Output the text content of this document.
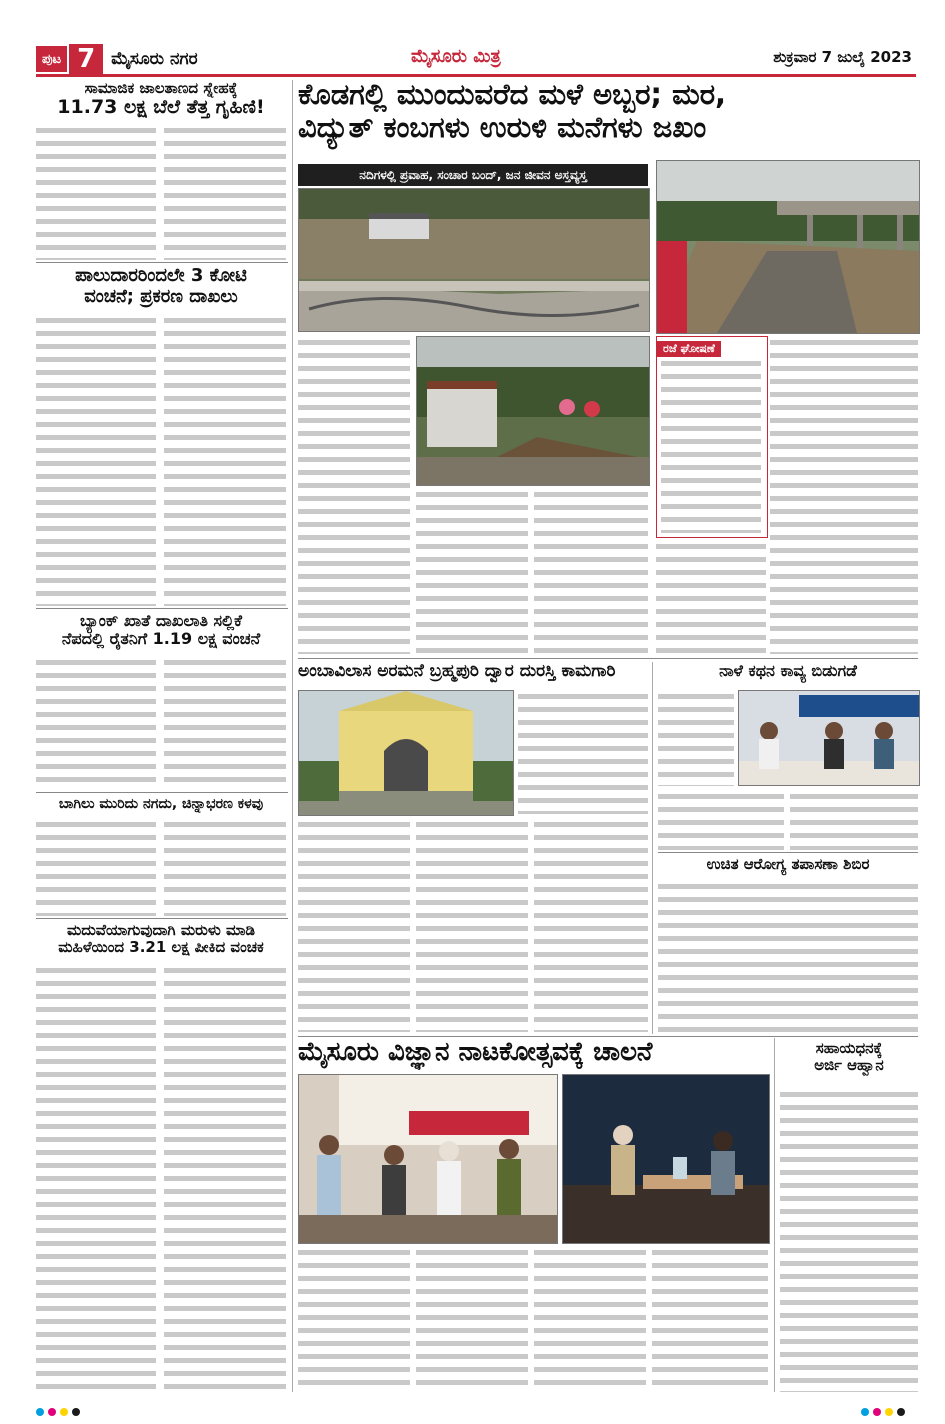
ಪುಟ 7 ಮೈಸೂರು ನಗರ	ಮೈಸೂರು ಮಿತ್ರ	ಶುಕ್ರವಾರ 7 ಜುಲೈ 2023
ಸಾಮಾಜಿಕ ಜಾಲತಾಣದ ಸ್ನೇಹಕ್ಕೆ
11.73 ಲಕ್ಷ ಬೆಲೆ ತೆತ್ತ ಗೃಹಿಣಿ!
ಪಾಲುದಾರರಿಂದಲೇ 3 ಕೋಟಿ
ವಂಚನೆ; ಪ್ರಕರಣ ದಾಖಲು
ಬ್ಯಾಂಕ್ ಖಾತೆ ದಾಖಲಾತಿ ಸಲ್ಲಿಕೆ
ನೆಪದಲ್ಲಿ ರೈತನಿಗೆ 1.19 ಲಕ್ಷ ವಂಚನೆ
ಬಾಗಿಲು ಮುರಿದು ನಗದು, ಚಿನ್ನಾಭರಣ ಕಳವು
ಮದುವೆಯಾಗುವುದಾಗಿ ಮರುಳು ಮಾಡಿ
ಮಹಿಳೆಯಿಂದ 3.21 ಲಕ್ಷ ಪೀಕಿದ ವಂಚಕ
ಕೊಡಗಲ್ಲಿ ಮುಂದುವರೆದ ಮಳೆ ಅಬ್ಬರ; ಮರ,
ವಿದ್ಯುತ್ ಕಂಬಗಳು ಉರುಳಿ ಮನೆಗಳು ಜಖಂ
ನದಿಗಳಲ್ಲಿ ಪ್ರವಾಹ, ಸಂಚಾರ ಬಂದ್, ಜನ ಜೀವನ ಅಸ್ತವ್ಯಸ್ತ
ರಜೆ ಘೋಷಣೆ
ಅಂಬಾವಿಲಾಸ ಅರಮನೆ ಬ್ರಹ್ಮಪುರಿ ದ್ವಾರ ದುರಸ್ತಿ ಕಾಮಗಾರಿ	ನಾಳೆ ಕಥನ ಕಾವ್ಯ ಬಿಡುಗಡೆ
ಉಚಿತ ಆರೋಗ್ಯ ತಪಾಸಣಾ ಶಿಬಿರ
ಮೈಸೂರು ವಿಜ್ಞಾನ ನಾಟಕೋತ್ಸವಕ್ಕೆ ಚಾಲನೆ	ಸಹಾಯಧನಕ್ಕೆ
ಅರ್ಜಿ ಆಹ್ವಾನ
